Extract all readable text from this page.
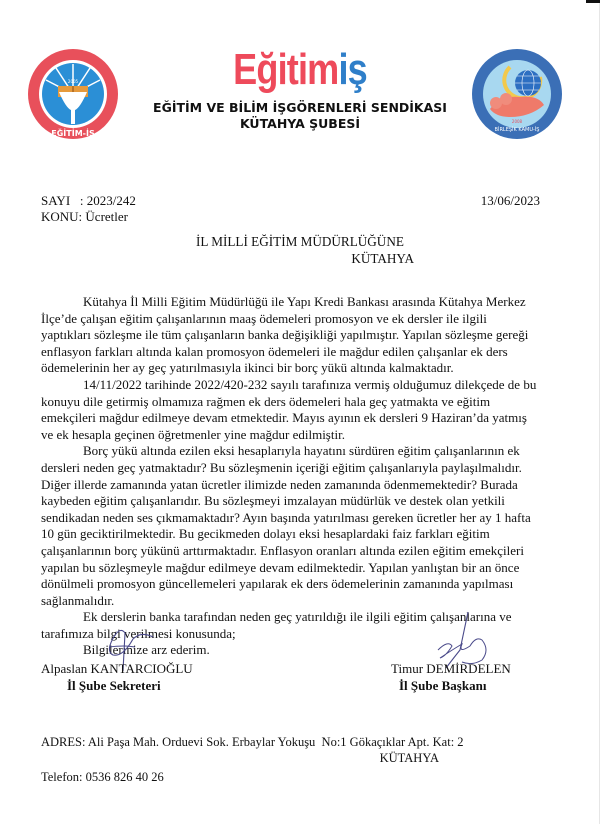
2005
EĞİTİM-İŞ
Eğitimiş
EĞİTİM VE BİLİM İŞGÖRENLERİ SENDİKASI
KÜTAHYA ŞUBESİ	2008
BİRLEŞİK KAMU-İŞ
SAYI : 2023/242
KONU: Ücretler
13/06/2023
İL MİLLİ EĞİTİM MÜDÜRLÜĞÜNE
KÜTAHYA
Kütahya İl Milli Eğitim Müdürlüğü ile Yapı Kredi Bankası arasında Kütahya Merkez
İlçe’de çalışan eğitim çalışanlarının maaş ödemeleri promosyon ve ek dersler ile ilgili
yaptıkları sözleşme ile tüm çalışanların banka değişikliği yapılmıştır. Yapılan sözleşme gereği
enflasyon farkları altında kalan promosyon ödemeleri ile mağdur edilen çalışanlar ek ders
ödemelerinin her ay geç yatırılmasıyla ikinci bir borç yükü altında kalmaktadır.
14/11/2022 tarihinde 2022/420-232 sayılı tarafınıza vermiş olduğumuz dilekçede de bu
konuyu dile getirmiş olmamıza rağmen ek ders ödemeleri hala geç yatmakta ve eğitim
emekçileri mağdur edilmeye devam etmektedir. Mayıs ayının ek dersleri 9 Haziran’da yatmış
ve ek hesapla geçinen öğretmenler yine mağdur edilmiştir.
Borç yükü altında ezilen eksi hesaplarıyla hayatını sürdüren eğitim çalışanlarının ek
dersleri neden geç yatmaktadır? Bu sözleşmenin içeriği eğitim çalışanlarıyla paylaşılmalıdır.
Diğer illerde zamanında yatan ücretler ilimizde neden zamanında ödenmemektedir? Burada
kaybeden eğitim çalışanlarıdır. Bu sözleşmeyi imzalayan müdürlük ve destek olan yetkili
sendikadan neden ses çıkmamaktadır? Ayın başında yatırılması gereken ücretler her ay 1 hafta
10 gün geciktirilmektedir. Bu gecikmeden dolayı eksi hesaplardaki faiz farkları eğitim
çalışanlarının borç yükünü arttırmaktadır. Enflasyon oranları altında ezilen eğitim emekçileri
yapılan bu sözleşmeyle mağdur edilmeye devam edilmektedir. Yapılan yanlıştan bir an önce
dönülmeli promosyon güncellemeleri yapılarak ek ders ödemelerinin zamanında yapılması
sağlanmalıdır.
Ek derslerin banka tarafından neden geç yatırıldığı ile ilgili eğitim çalışanlarına ve
tarafımıza bilgi verilmesi konusunda;
Bilgilerinize arz ederim.
Alpaslan KANTARCIOĞLU
İl Şube Sekreteri
Timur DEMİRDELEN
İl Şube Başkanı
ADRES: Ali Paşa Mah. Orduevi Sok. Erbaylar Yokuşu  No:1 Gökaçıklar Apt. Kat: 2
KÜTAHYA
Telefon: 0536 826 40 26
